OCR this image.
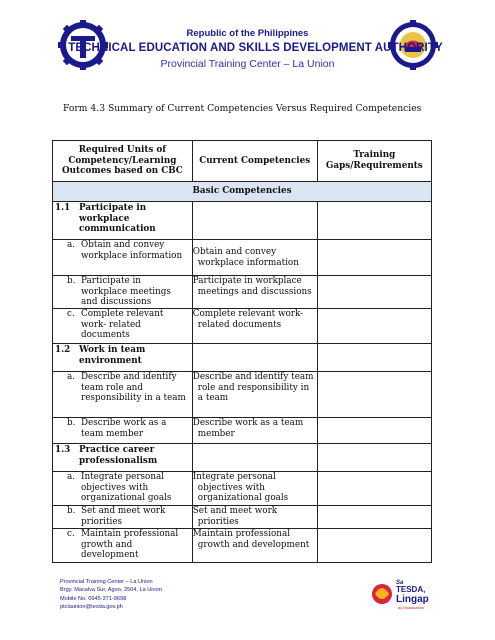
Republic of the Philippines
TECHNICAL EDUCATION AND SKILLS DEVELOPMENT AUTHORITY
Provincial Training Center – La Union
Form 4.3 Summary of Current Competencies Versus Required Competencies
Required Units of Competency/Learning Outcomes based on CBC	Current Competencies	Training Gaps/Requirements
Basic Competencies		

1.1 Participate in workplace communication		

a. Obtain and convey workplace information	Obtain and convey workplace information	

b. Participate in workplace meetings and discussions	Participate in workplace meetings and discussions	

c. Complete relevant work- related documents	Complete relevant work-related documents	

1.2 Work in team environment		

a. Describe and identify team role and responsibility in a team	Describe and identify team role and responsibility in a team	

b. Describe work as a team member	Describe work as a team member	

1.3 Practice career professionalism		

a. Integrate personal objectives with organizational goals	Integrate personal objectives with organizational goals	

b. Set and meet work priorities	Set and meet work priorities	

c. Maintain professional growth and development	Maintain professional growth and development	

Provincial Training Center – La Union
Brgy. Macalva Sur, Agoo, 2504, La Union
Mobile No. 0945-371-9698
ptclaunion@tesda.gov.ph
Sa
TESDA,
Lingap
ay Maaasahan
